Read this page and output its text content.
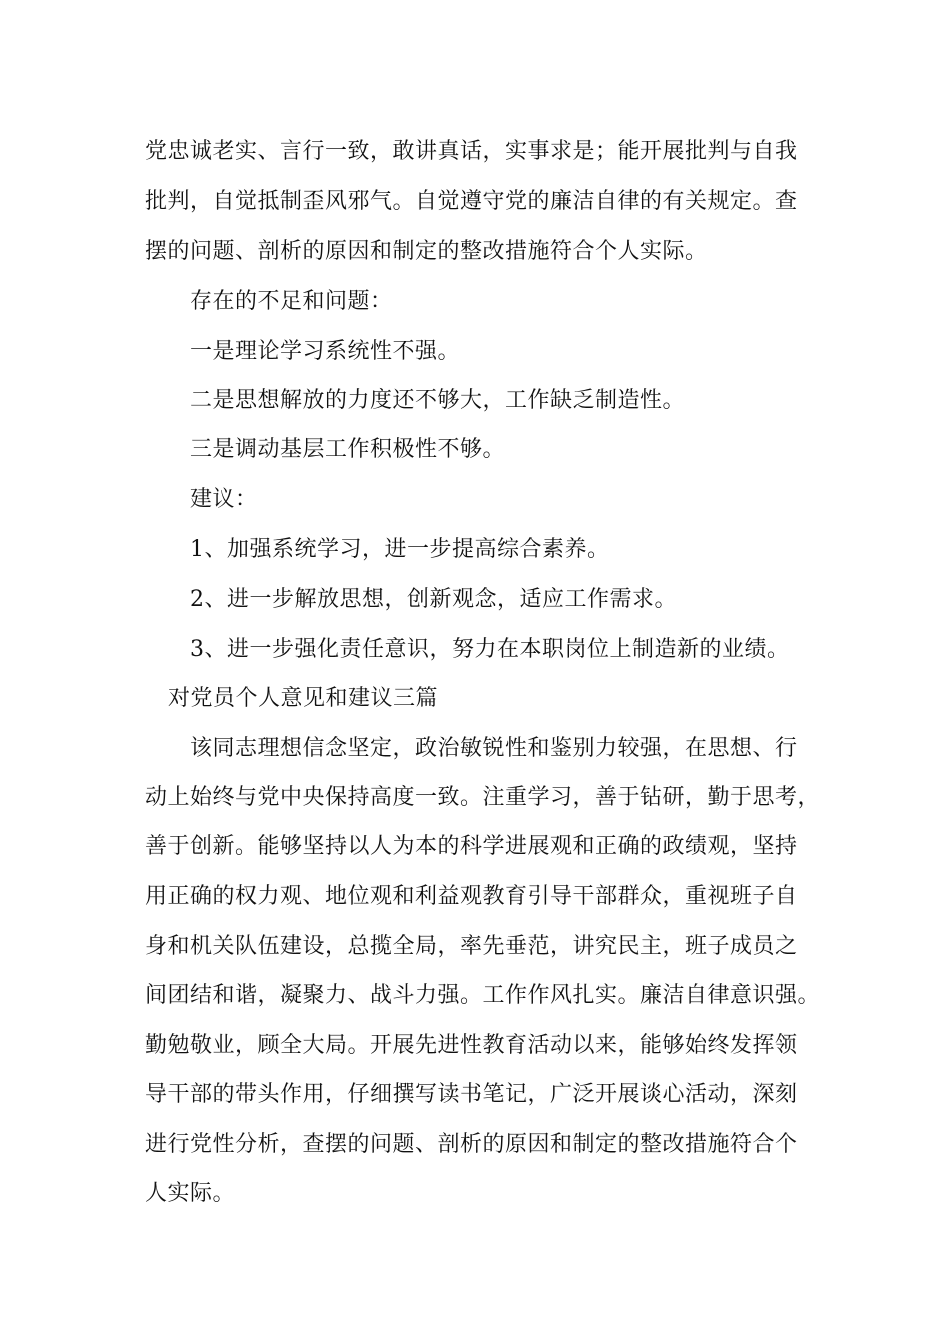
党忠诚老实、言行一致，敢讲真话，实事求是；能开展批判与自我
批判，自觉抵制歪风邪气。自觉遵守党的廉洁自律的有关规定。查
摆的问题、剖析的原因和制定的整改措施符合个人实际。
存在的不足和问题：
一是理论学习系统性不强。
二是思想解放的力度还不够大，工作缺乏制造性。
三是调动基层工作积极性不够。
建议：
1、加强系统学习，进一步提高综合素养。
2、进一步解放思想，创新观念，适应工作需求。
3、进一步强化责任意识，努力在本职岗位上制造新的业绩。
对党员个人意见和建议三篇
该同志理想信念坚定，政治敏锐性和鉴别力较强，在思想、行
动上始终与党中央保持高度一致。注重学习，善于钻研，勤于思考，
善于创新。能够坚持以人为本的科学进展观和正确的政绩观，坚持
用正确的权力观、地位观和利益观教育引导干部群众，重视班子自
身和机关队伍建设，总揽全局，率先垂范，讲究民主，班子成员之
间团结和谐，凝聚力、战斗力强。工作作风扎实。廉洁自律意识强。
勤勉敬业，顾全大局。开展先进性教育活动以来，能够始终发挥领
导干部的带头作用，仔细撰写读书笔记，广泛开展谈心活动，深刻
进行党性分析，查摆的问题、剖析的原因和制定的整改措施符合个
人实际。
